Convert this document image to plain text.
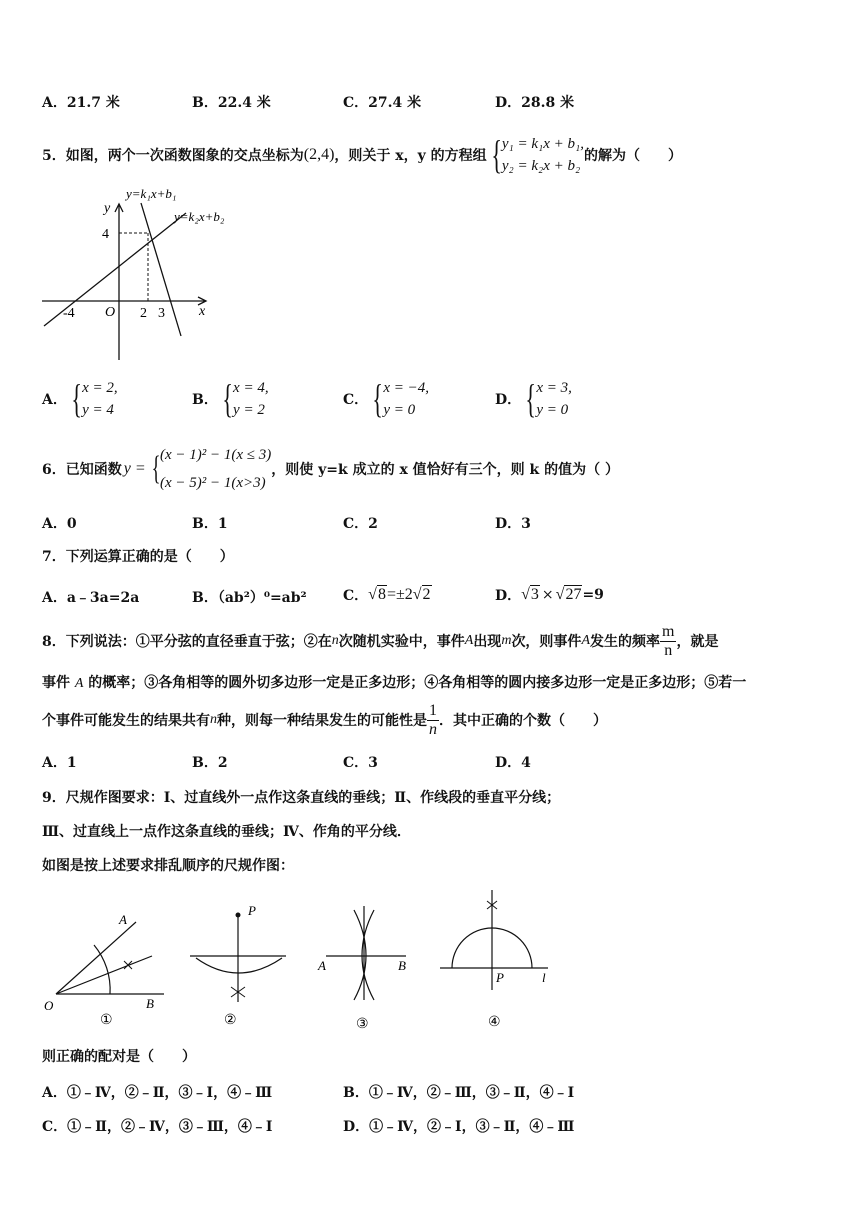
A．21.7 米	B．22.4 米	C．27.4 米	D．28.8 米
5．如图，两个一次函数图象的交点坐标为 (2,4) ，则关于 x，y 的方程组 { y₁ = k₁x + b₁,
y₂ = k₂x + b₂
的解为（　　）
y=k₁x+b₁
y=k₂x+b₂
y
x
O
4
-4	2 3
A． { x = 2,
y = 4
B． { x = 4,
y = 2
C． { x = −4,
y = 0
D． { x = 3,
y = 0
6．已知函数 y = { (x − 1)² − 1(x ≤ 3)
(x − 5)² − 1(x>3)
，则使 y=k 成立的 x 值恰好有三个，则 k 的值为（ ）
A．0	B．1	C．2	D．3
7．下列运算正确的是（　　）
A．a﹣3a=2a	B．（ab²）⁰=ab²	C． √8 =±2 √2	D． √3 × √27 =9
8．下列说法：①平分弦的直径垂直于弦；②在 n 次随机实验中，事件 A 出现 m 次，则事件 A 发生的频率 $\frac{m}{n}$ ，就是
事件 A 的概率；③各角相等的圆外切多边形一定是正多边形；④各角相等的圆内接多边形一定是正多边形；⑤若一
个事件可能发生的结果共有 n 种，则每一种结果发生的可能性是 $\frac{1}{n}$ ．其中正确的个数（　　）
A．1	B．2	C．3	D．4
9．尺规作图要求：Ⅰ、过直线外一点作这条直线的垂线；Ⅱ、作线段的垂直平分线；
Ⅲ、过直线上一点作这条直线的垂线；Ⅳ、作角的平分线．
如图是按上述要求排乱顺序的尺规作图：
A
O	B
①
P
②
A	B
③
P	l
④
则正确的配对是（　　）
A．①﹣Ⅳ，②﹣Ⅱ，③﹣Ⅰ，④﹣Ⅲ	B．①﹣Ⅳ，②﹣Ⅲ，③﹣Ⅱ，④﹣Ⅰ
C．①﹣Ⅱ，②﹣Ⅳ，③﹣Ⅲ，④﹣Ⅰ	D．①﹣Ⅳ，②﹣Ⅰ，③﹣Ⅱ，④﹣Ⅲ
